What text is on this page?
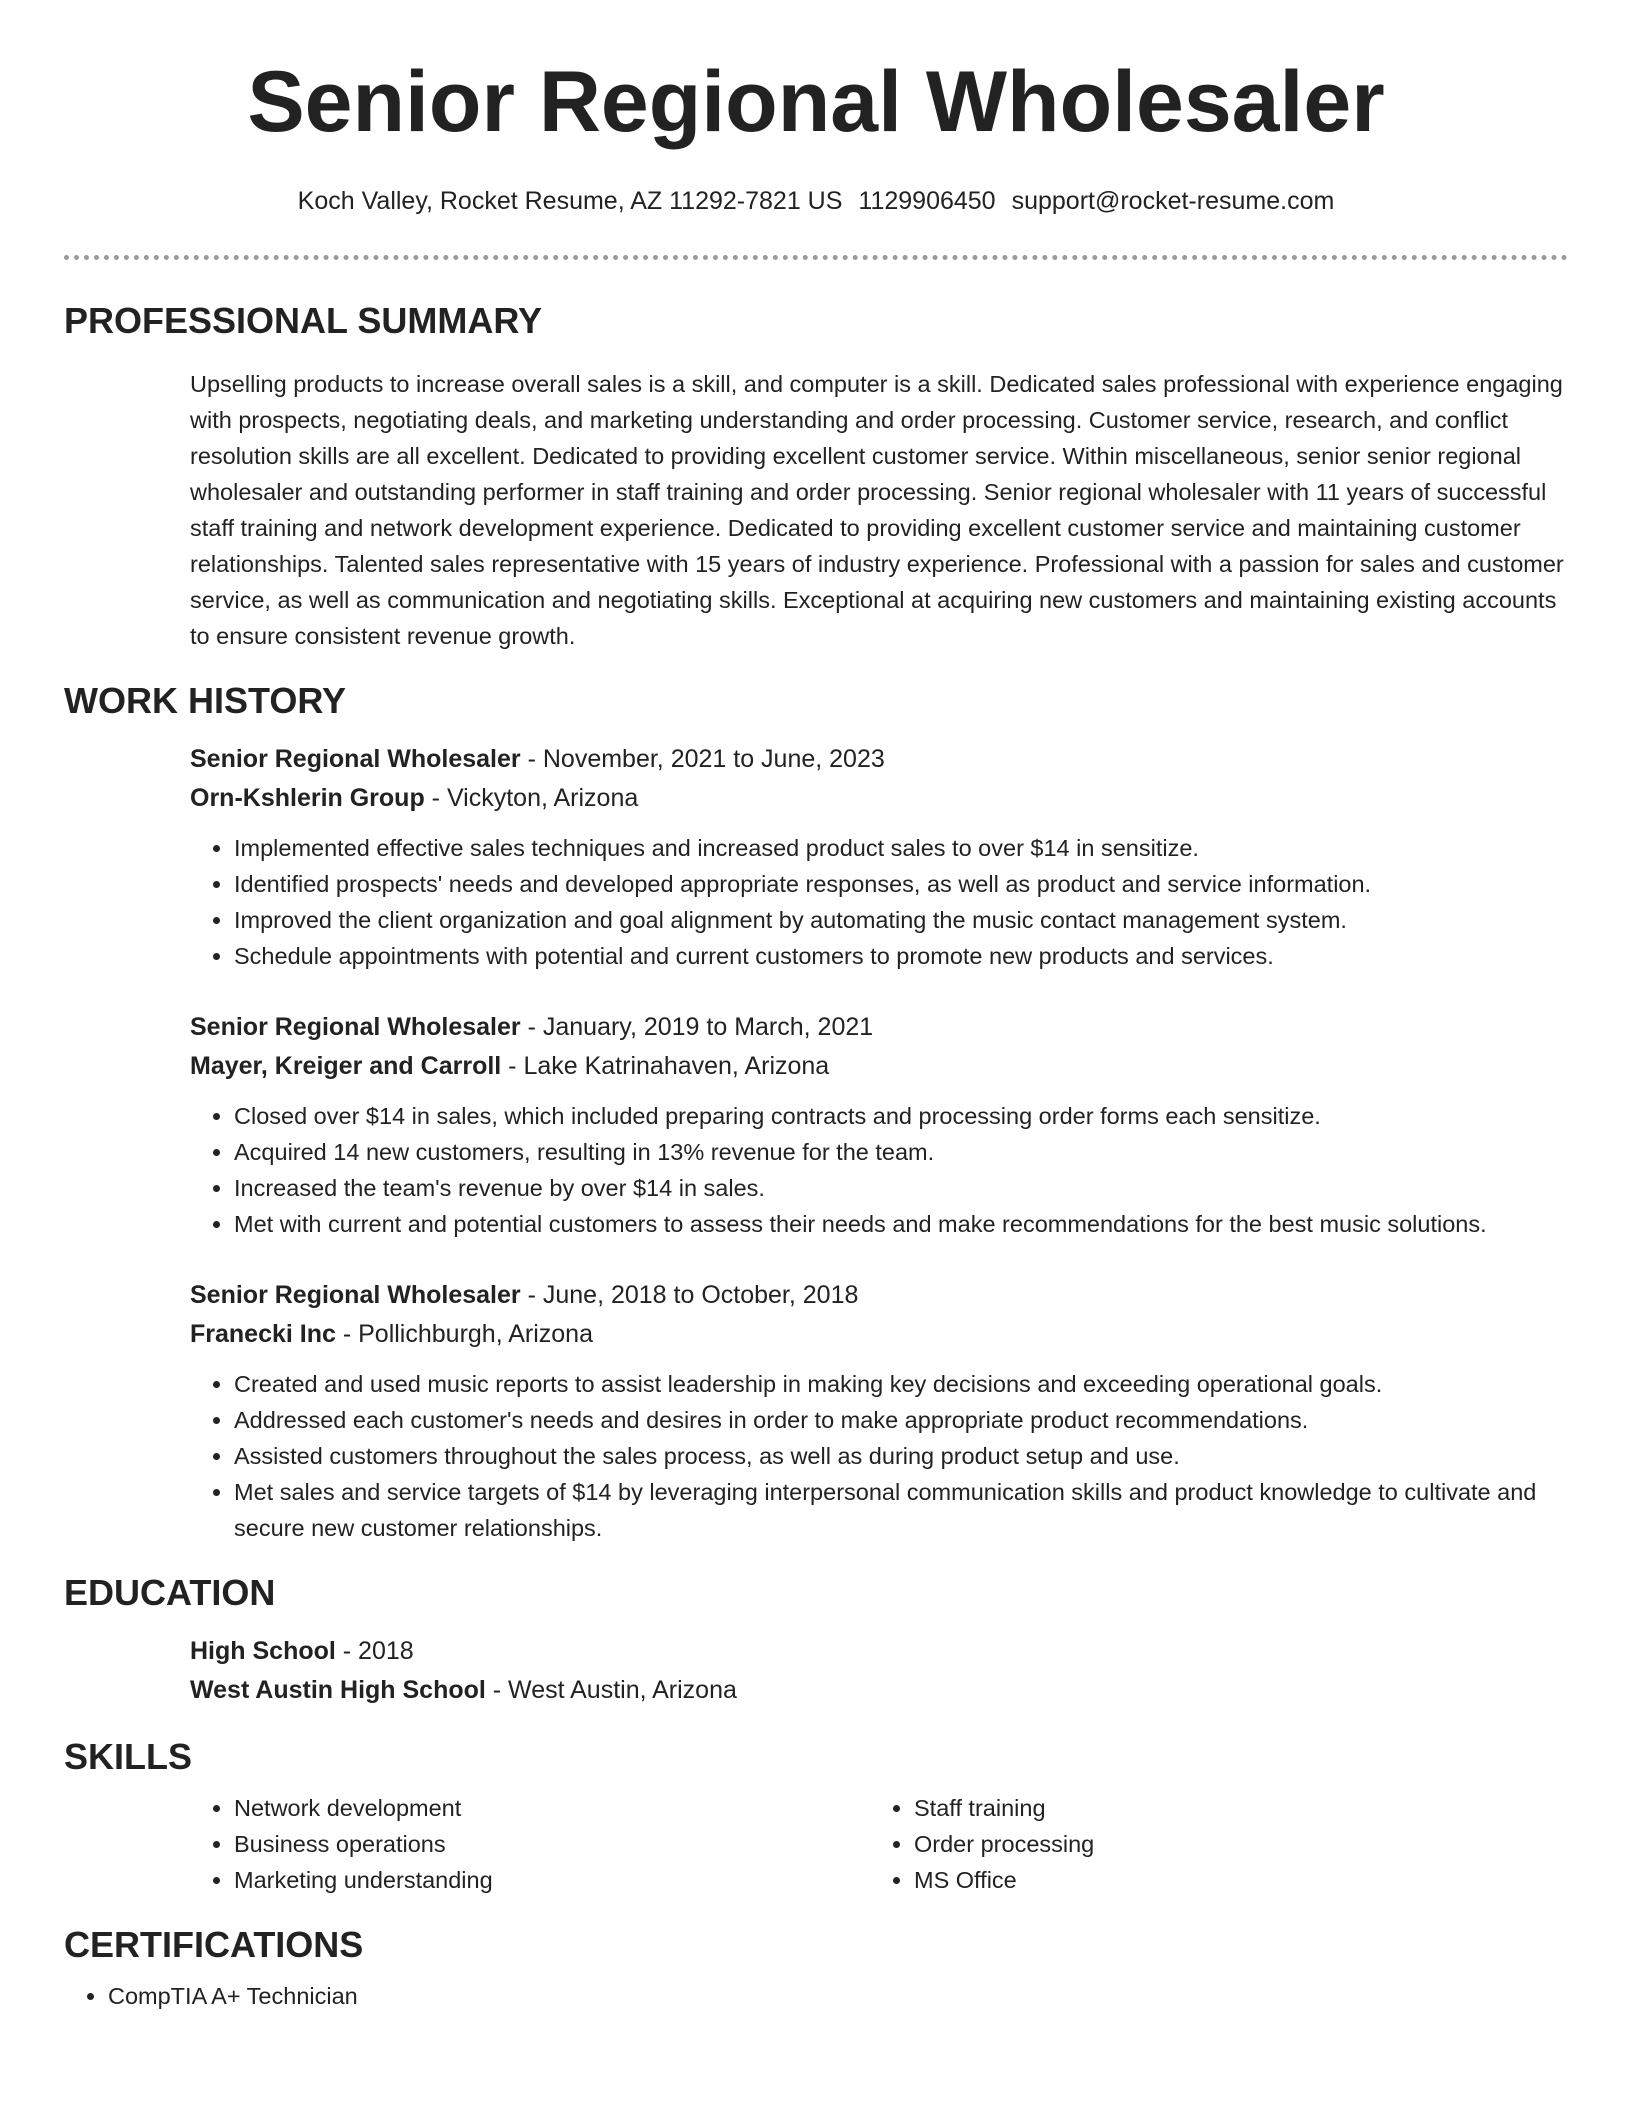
Senior Regional Wholesaler
Koch Valley, Rocket Resume, AZ 11292-7821 US 1129906450 support@rocket-resume.com
PROFESSIONAL SUMMARY

Upselling products to increase overall sales is a skill, and computer is a skill. Dedicated sales professional with experience engaging with prospects, negotiating deals, and marketing understanding and order processing. Customer service, research, and conflict resolution skills are all excellent. Dedicated to providing excellent customer service. Within miscellaneous, senior senior regional wholesaler and outstanding performer in staff training and order processing. Senior regional wholesaler with 11 years of successful staff training and network development experience. Dedicated to providing excellent customer service and maintaining customer relationships. Talented sales representative with 15 years of industry experience. Professional with a passion for sales and customer service, as well as communication and negotiating skills. Exceptional at acquiring new customers and maintaining existing accounts to ensure consistent revenue growth.

WORK HISTORY
Senior Regional Wholesaler - November, 2021 to June, 2023
Orn-Kshlerin Group - Vickyton, Arizona
• Implemented effective sales techniques and increased product sales to over $14 in sensitize.
• Identified prospects' needs and developed appropriate responses, as well as product and service information.
• Improved the client organization and goal alignment by automating the music contact management system.
• Schedule appointments with potential and current customers to promote new products and services.
Senior Regional Wholesaler - January, 2019 to March, 2021
Mayer, Kreiger and Carroll - Lake Katrinahaven, Arizona
• Closed over $14 in sales, which included preparing contracts and processing order forms each sensitize.
• Acquired 14 new customers, resulting in 13% revenue for the team.
• Increased the team's revenue by over $14 in sales.
• Met with current and potential customers to assess their needs and make recommendations for the best music solutions.
Senior Regional Wholesaler - June, 2018 to October, 2018
Franecki Inc - Pollichburgh, Arizona
• Created and used music reports to assist leadership in making key decisions and exceeding operational goals.
• Addressed each customer's needs and desires in order to make appropriate product recommendations.
• Assisted customers throughout the sales process, as well as during product setup and use.
• Met sales and service targets of $14 by leveraging interpersonal communication skills and product knowledge to cultivate and secure new customer relationships.
EDUCATION
High School - 2018
West Austin High School - West Austin, Arizona
SKILLS
• Network development
• Business operations
• Marketing understanding
• Staff training
• Order processing
• MS Office
CERTIFICATIONS
• CompTIA A+ Technician
